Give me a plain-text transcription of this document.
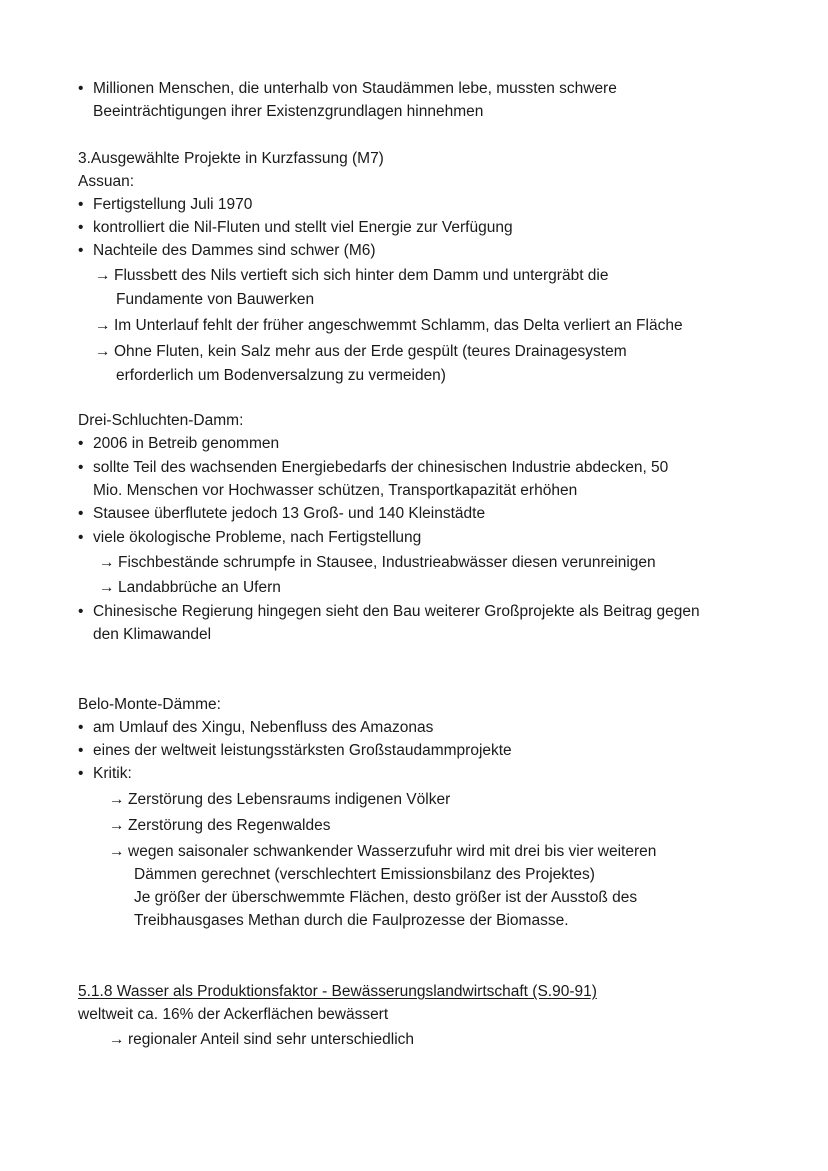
• Millionen Menschen, die unterhalb von Staudämmen lebe, mussten schwere
Beeinträchtigungen ihrer Existenzgrundlagen hinnehmen
3.Ausgewählte Projekte in Kurzfassung (M7)
Assuan:
• Fertigstellung Juli 1970
• kontrolliert die Nil-Fluten und stellt viel Energie zur Verfügung
• Nachteile des Dammes sind schwer (M6)
→ Flussbett des Nils vertieft sich sich hinter dem Damm und untergräbt die
Fundamente von Bauwerken
→ Im Unterlauf fehlt der früher angeschwemmt Schlamm, das Delta verliert an Fläche
→ Ohne Fluten, kein Salz mehr aus der Erde gespült (teures Drainagesystem
erforderlich um Bodenversalzung zu vermeiden)
Drei-Schluchten-Damm:
• 2006 in Betreib genommen
• sollte Teil des wachsenden Energiebedarfs der chinesischen Industrie abdecken, 50
Mio. Menschen vor Hochwasser schützen, Transportkapazität erhöhen
• Stausee überflutete jedoch 13 Groß- und 140 Kleinstädte
• viele ökologische Probleme, nach Fertigstellung
→ Fischbestände schrumpfe in Stausee, Industrieabwässer diesen verunreinigen
→ Landabbrüche an Ufern
• Chinesische Regierung hingegen sieht den Bau weiterer Großprojekte als Beitrag gegen
den Klimawandel
Belo-Monte-Dämme:
• am Umlauf des Xingu, Nebenfluss des Amazonas
• eines der weltweit leistungsstärksten Großstaudammprojekte
• Kritik:
→ Zerstörung des Lebensraums indigenen Völker
→ Zerstörung des Regenwaldes
→ wegen saisonaler schwankender Wasserzufuhr wird mit drei bis vier weiteren
Dämmen gerechnet (verschlechtert Emissionsbilanz des Projektes)
Je größer der überschwemmte Flächen, desto größer ist der Ausstoß des
Treibhausgases Methan durch die Faulprozesse der Biomasse.
5.1.8 Wasser als Produktionsfaktor - Bewässerungslandwirtschaft (S.90-91)
weltweit ca. 16% der Ackerflächen bewässert
→ regionaler Anteil sind sehr unterschiedlich
